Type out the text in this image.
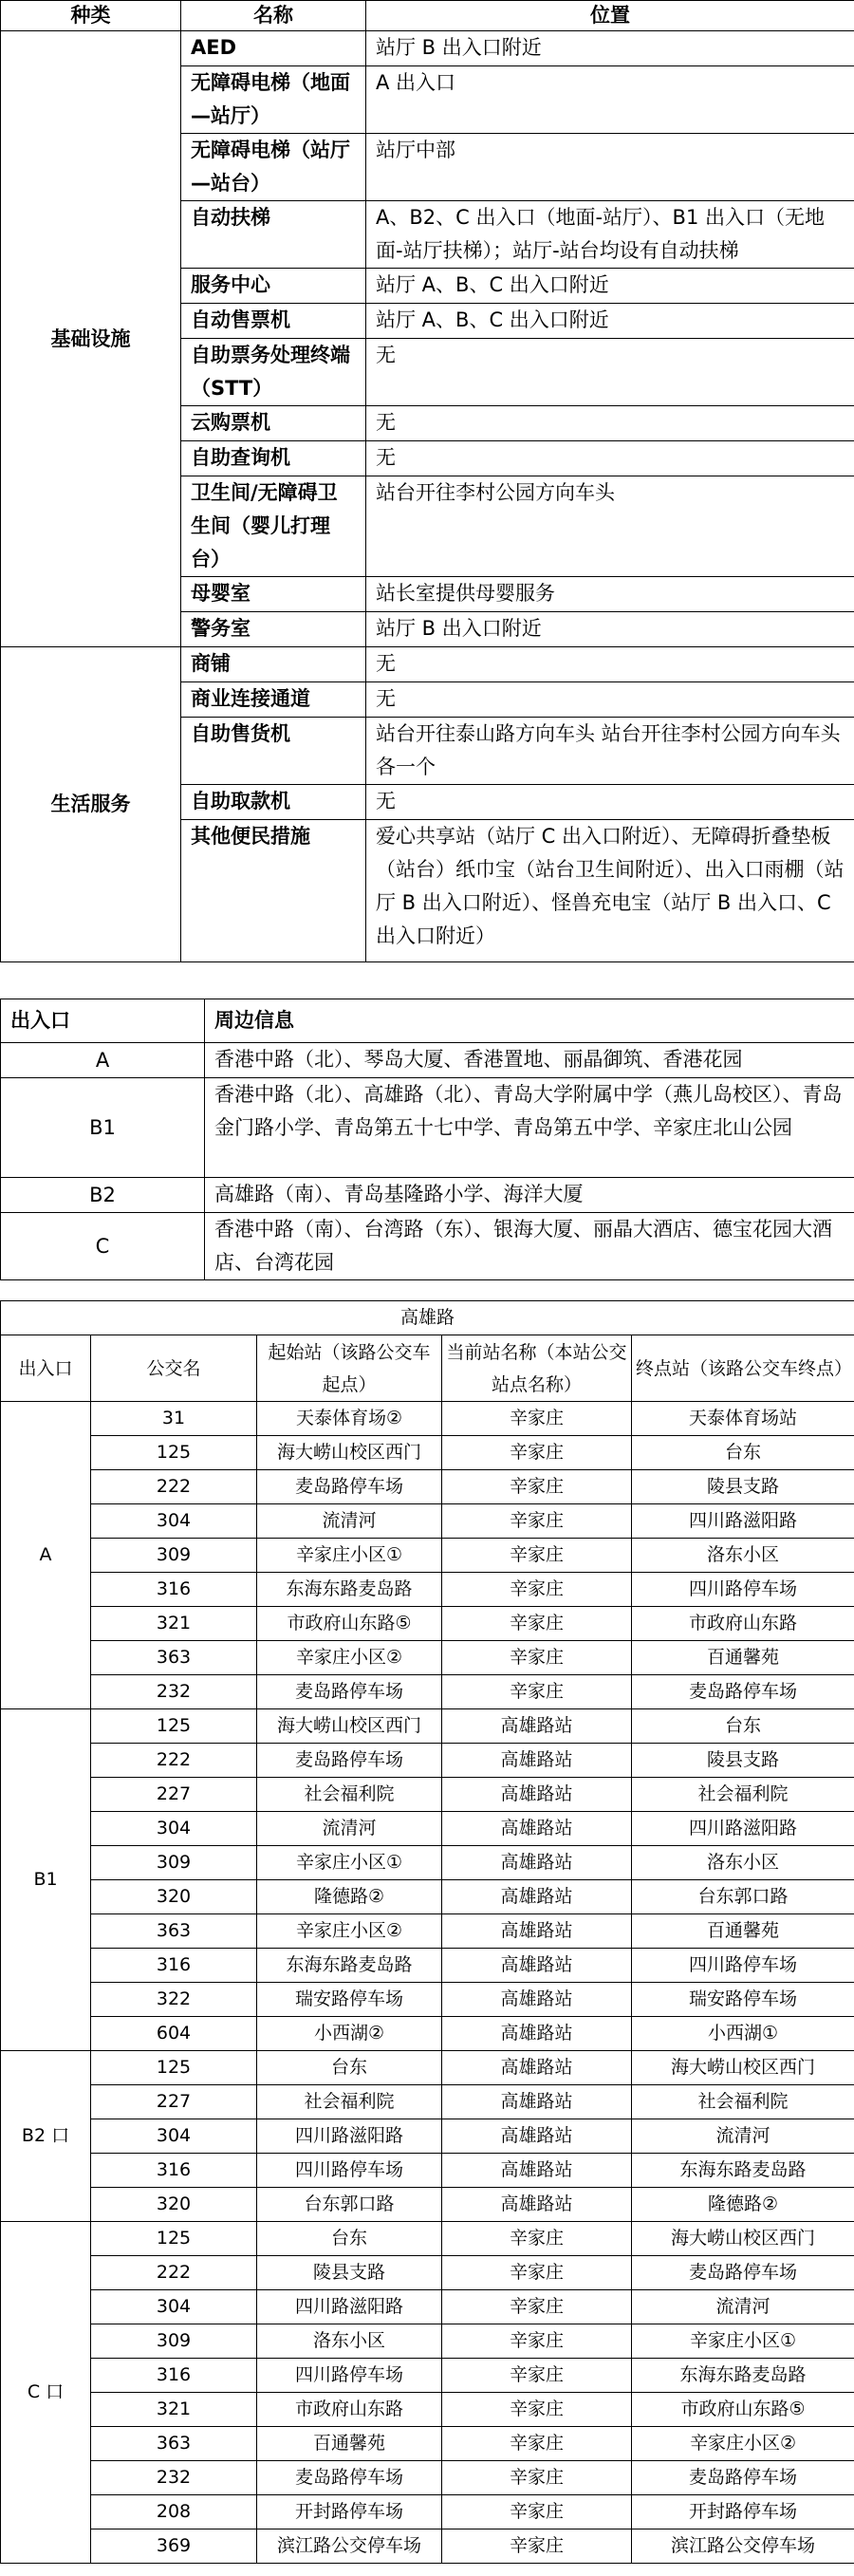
种类	名称	位置
基础设施	AED	站厅 B 出入口附近
	无障碍电梯（地面—站厅）	A 出入口
	无障碍电梯（站厅—站台）	站厅中部
	自动扶梯	A、B2、C 出入口（地面-站厅）、B1 出入口（无地面-站厅扶梯）；站厅-站台均设有自动扶梯
	服务中心	站厅 A、B、C 出入口附近
	自动售票机	站厅 A、B、C 出入口附近
	自助票务处理终端（STT）	无
	云购票机	无
	自助查询机	无
	卫生间/无障碍卫生间（婴儿打理台）	站台开往李村公园方向车头
	母婴室	站长室提供母婴服务
	警务室	站厅 B 出入口附近
生活服务	商铺	无
	商业连接通道	无
	自助售货机	站台开往泰山路方向车头 站台开往李村公园方向车头各一个
	自助取款机	无
	其他便民措施	爱心共享站（站厅 C 出入口附近）、无障碍折叠垫板（站台）纸巾宝（站台卫生间附近）、出入口雨棚（站厅 B 出入口附近）、怪兽充电宝（站厅 B 出入口、C 出入口附近）
出入口	周边信息
A	香港中路（北）、琴岛大厦、香港置地、丽晶御筑、香港花园
B1	香港中路（北）、高雄路（北）、青岛大学附属中学（燕儿岛校区）、青岛金门路小学、青岛第五十七中学、青岛第五中学、辛家庄北山公园
B2	高雄路（南）、青岛基隆路小学、海洋大厦
C	香港中路（南）、台湾路（东）、银海大厦、丽晶大酒店、德宝花园大酒店、台湾花园
高雄路				
出入口	公交名	起始站（该路公交车起点）	当前站名称（本站公交站点名称）	终点站（该路公交车终点）
A	31	天泰体育场②	辛家庄	天泰体育场站
	125	海大崂山校区西门	辛家庄	台东
	222	麦岛路停车场	辛家庄	陵县支路
	304	流清河	辛家庄	四川路滋阳路
	309	辛家庄小区①	辛家庄	洛东小区
	316	东海东路麦岛路	辛家庄	四川路停车场
	321	市政府山东路⑤	辛家庄	市政府山东路
	363	辛家庄小区②	辛家庄	百通馨苑
	232	麦岛路停车场	辛家庄	麦岛路停车场
B1	125	海大崂山校区西门	高雄路站	台东
	222	麦岛路停车场	高雄路站	陵县支路
	227	社会福利院	高雄路站	社会福利院
	304	流清河	高雄路站	四川路滋阳路
	309	辛家庄小区①	高雄路站	洛东小区
	320	隆德路②	高雄路站	台东郭口路
	363	辛家庄小区②	高雄路站	百通馨苑
	316	东海东路麦岛路	高雄路站	四川路停车场
	322	瑞安路停车场	高雄路站	瑞安路停车场
	604	小西湖②	高雄路站	小西湖①
B2 口	125	台东	高雄路站	海大崂山校区西门
	227	社会福利院	高雄路站	社会福利院
	304	四川路滋阳路	高雄路站	流清河
	316	四川路停车场	高雄路站	东海东路麦岛路
	320	台东郭口路	高雄路站	隆德路②
C 口	125	台东	辛家庄	海大崂山校区西门
	222	陵县支路	辛家庄	麦岛路停车场
	304	四川路滋阳路	辛家庄	流清河
	309	洛东小区	辛家庄	辛家庄小区①
	316	四川路停车场	辛家庄	东海东路麦岛路
	321	市政府山东路	辛家庄	市政府山东路⑤
	363	百通馨苑	辛家庄	辛家庄小区②
	232	麦岛路停车场	辛家庄	麦岛路停车场
	208	开封路停车场	辛家庄	开封路停车场
	369	滨江路公交停车场	辛家庄	滨江路公交停车场
